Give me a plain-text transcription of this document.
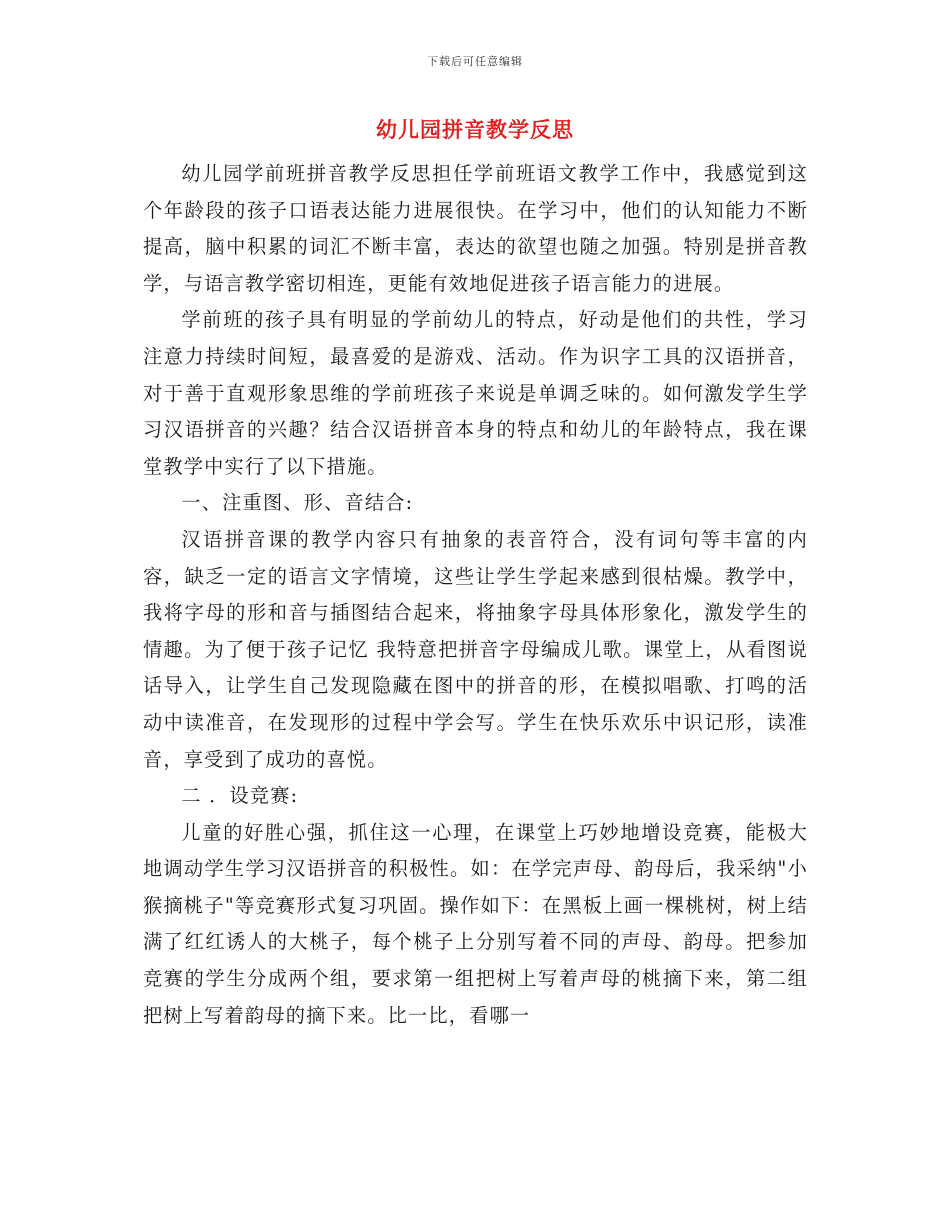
下载后可任意编辑
幼儿园拼音教学反思

幼儿园学前班拼音教学反思担任学前班语文教学工作中，我感觉到这个年龄段的孩子口语表达能力进展很快。在学习中，他们的认知能力不断提高，脑中积累的词汇不断丰富，表达的欲望也随之加强。特别是拼音教学，与语言教学密切相连，更能有效地促进孩子语言能力的进展。

学前班的孩子具有明显的学前幼儿的特点，好动是他们的共性，学习注意力持续时间短，最喜爱的是游戏、活动。作为识字工具的汉语拼音，对于善于直观形象思维的学前班孩子来说是单调乏味的。如何激发学生学习汉语拼音的兴趣？结合汉语拼音本身的特点和幼儿的年龄特点，我在课堂教学中实行了以下措施。

一、注重图、形、音结合:

汉语拼音课的教学内容只有抽象的表音符合，没有词句等丰富的内容，缺乏一定的语言文字情境，这些让学生学起来感到很枯燥。教学中，我将字母的形和音与插图结合起来，将抽象字母具体形象化，激发学生的情趣。为了便于孩子记忆 我特意把拼音字母编成儿歌。课堂上，从看图说话导入，让学生自己发现隐藏在图中的拼音的形，在模拟唱歌、打鸣的活动中读准音，在发现形的过程中学会写。学生在快乐欢乐中识记形，读准音，享受到了成功的喜悦。

二 ．设竞赛:

儿童的好胜心强，抓住这一心理，在课堂上巧妙地增设竞赛，能极大地调动学生学习汉语拼音的积极性。如：在学完声母、韵母后，我采纳"小猴摘桃子"等竞赛形式复习巩固。操作如下：在黑板上画一棵桃树，树上结满了红红诱人的大桃子，每个桃子上分别写着不同的声母、韵母。把参加竞赛的学生分成两个组，要求第一组把树上写着声母的桃摘下来，第二组把树上写着韵母的摘下来。比一比，看哪一
